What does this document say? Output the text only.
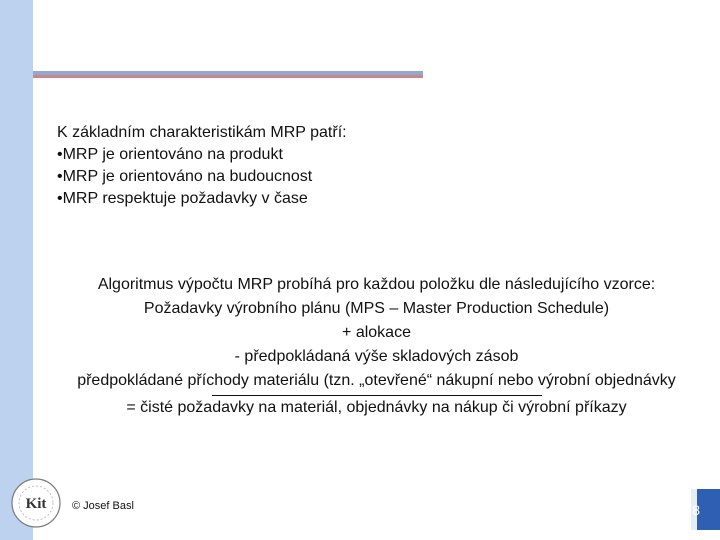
K základním charakteristikám MRP patří:
•MRP je orientováno na produkt
•MRP je orientováno na budoucnost
•MRP respektuje požadavky v čase
Algoritmus výpočtu MRP probíhá pro každou položku dle následujícího vzorce:
Požadavky výrobního plánu (MPS – Master Production Schedule)
+ alokace
- předpokládaná výše skladových zásob
předpokládané příchody materiálu (tzn. „otevřené“ nákupní nebo výrobní objednávky
= čisté požadavky na materiál, objednávky na nákup či výrobní příkazy
Kit © Josef Basl	8
